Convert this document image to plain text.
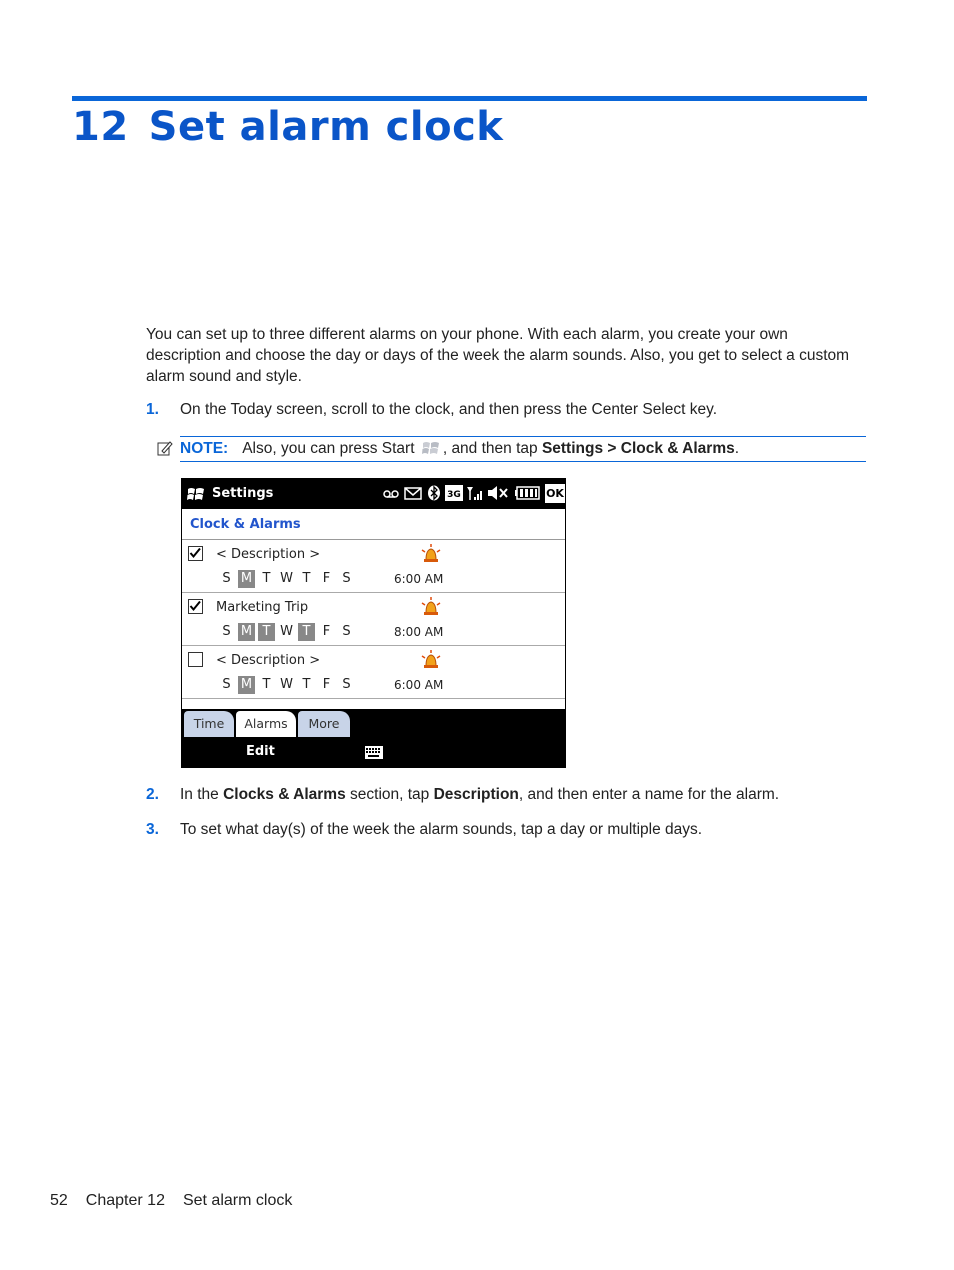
12 Set alarm clock

You can set up to three different alarms on your phone. With each alarm, you create your own description and choose the day or days of the week the alarm sounds. Also, you get to select a custom alarm sound and style.

1. On the Today screen, scroll to the clock, and then press the Center Select key.
NOTE: Also, you can press Start , and then tap Settings > Clock & Alarms.
Settings	3G	OK
Clock & Alarms
< Description >
S M T W T F S	6:00 AM
Marketing Trip
S M T W T F S	8:00 AM
< Description >
S M T W T F S	6:00 AM
Time	Alarms	More
Edit
2. In the Clocks & Alarms section, tap Description, and then enter a name for the alarm.
3. To set what day(s) of the week the alarm sounds, tap a day or multiple days.
52 Chapter 12 Set alarm clock
